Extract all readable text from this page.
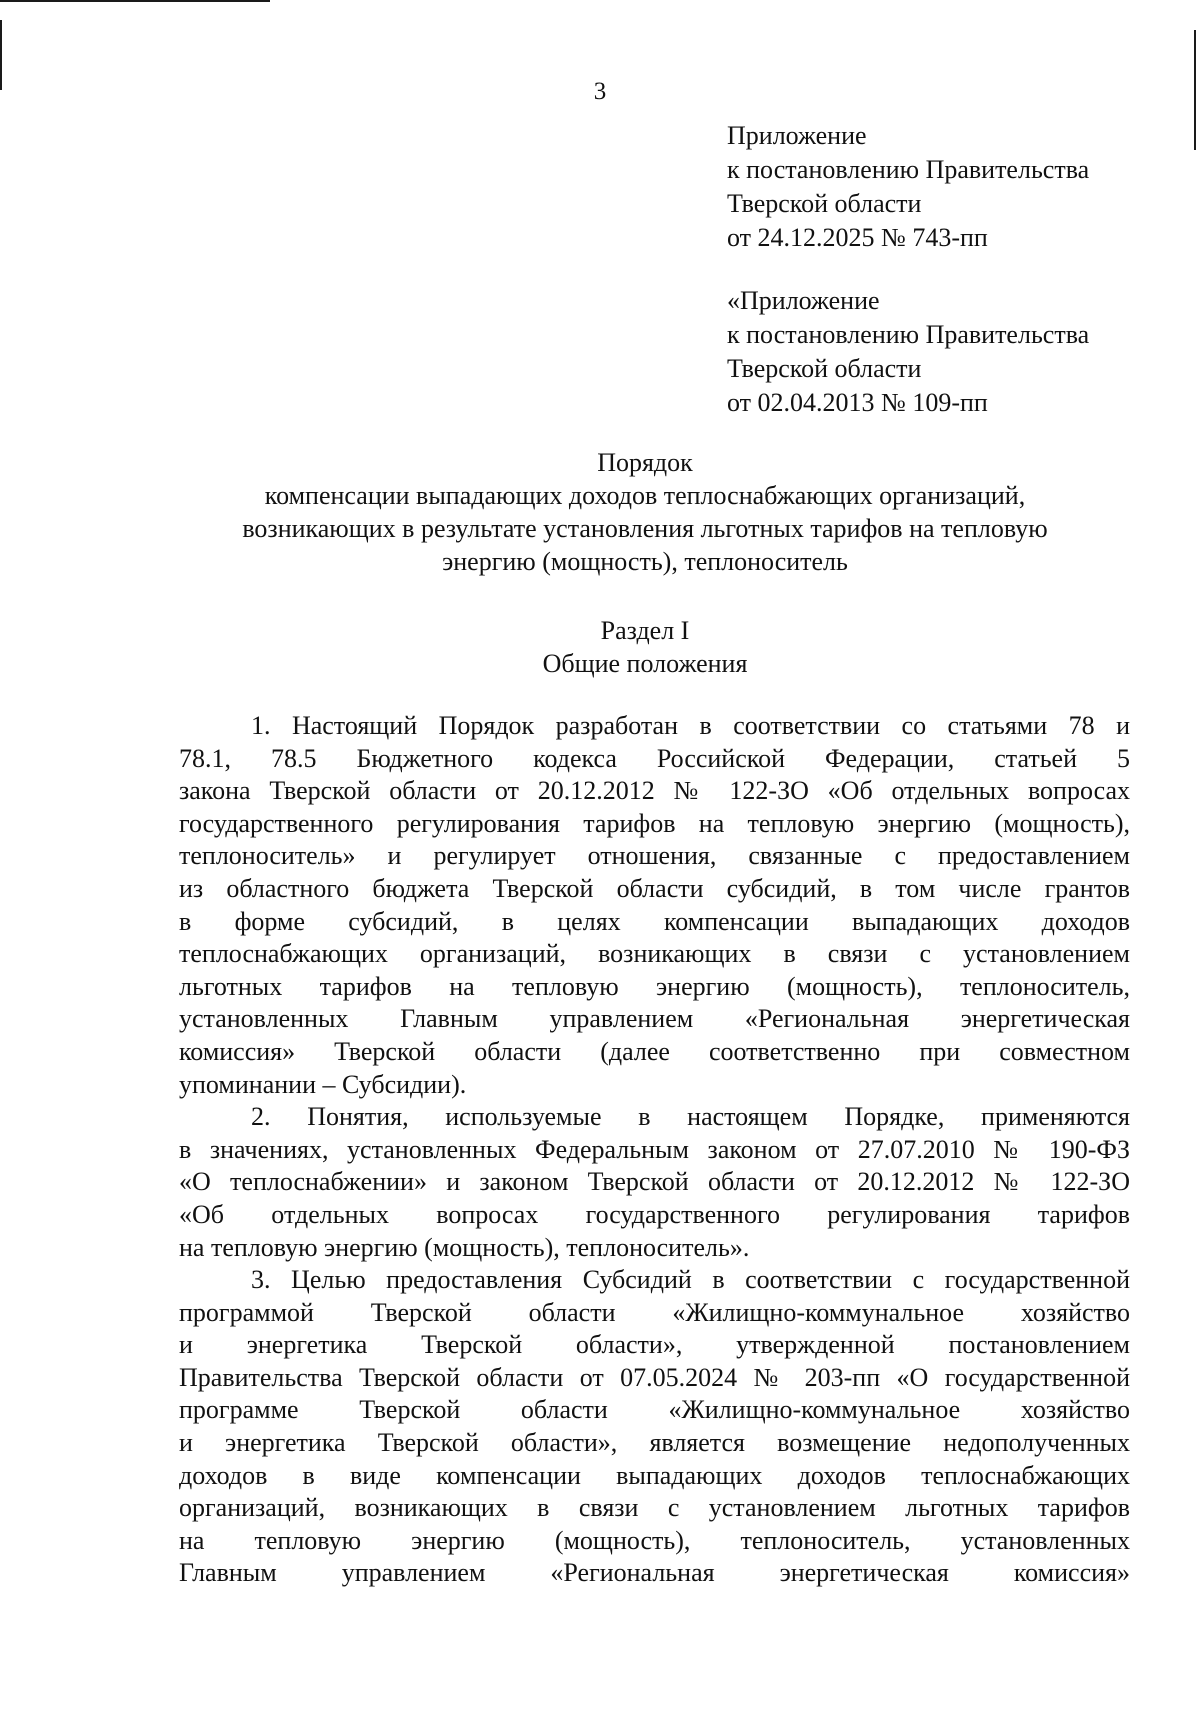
3
Приложение
к постановлению Правительства
Тверской области
от 24.12.2025 № 743-пп
«Приложение
к постановлению Правительства
Тверской области
от 02.04.2013 № 109-пп
Порядок
компенсации выпадающих доходов теплоснабжающих организаций,
возникающих в результате установления льготных тарифов на тепловую
энергию (мощность), теплоноситель
Раздел I
Общие положения
1. Настоящий Порядок разработан в соответствии со статьями 78 и
78.1, 78.5 Бюджетного кодекса Российской Федерации, статьей 5
закона Тверской области от 20.12.2012 № 122-ЗО «Об отдельных вопросах
государственного регулирования тарифов на тепловую энергию (мощность),
теплоноситель» и регулирует отношения, связанные с предоставлением
из областного бюджета Тверской области субсидий, в том числе грантов
в форме субсидий, в целях компенсации выпадающих доходов
теплоснабжающих организаций, возникающих в связи с установлением
льготных тарифов на тепловую энергию (мощность), теплоноситель,
установленных Главным управлением «Региональная энергетическая
комиссия» Тверской области (далее соответственно при совместном
упоминании – Субсидии).
2. Понятия, используемые в настоящем Порядке, применяются
в значениях, установленных Федеральным законом от 27.07.2010 № 190-ФЗ
«О теплоснабжении» и законом Тверской области от 20.12.2012 № 122-ЗО
«Об отдельных вопросах государственного регулирования тарифов
на тепловую энергию (мощность), теплоноситель».
3. Целью предоставления Субсидий в соответствии с государственной
программой Тверской области «Жилищно-коммунальное хозяйство
и энергетика Тверской области», утвержденной постановлением
Правительства Тверской области от 07.05.2024 № 203-пп «О государственной
программе Тверской области «Жилищно-коммунальное хозяйство
и энергетика Тверской области», является возмещение недополученных
доходов в виде компенсации выпадающих доходов теплоснабжающих
организаций, возникающих в связи с установлением льготных тарифов
на тепловую энергию (мощность), теплоноситель, установленных
Главным управлением «Региональная энергетическая комиссия»
